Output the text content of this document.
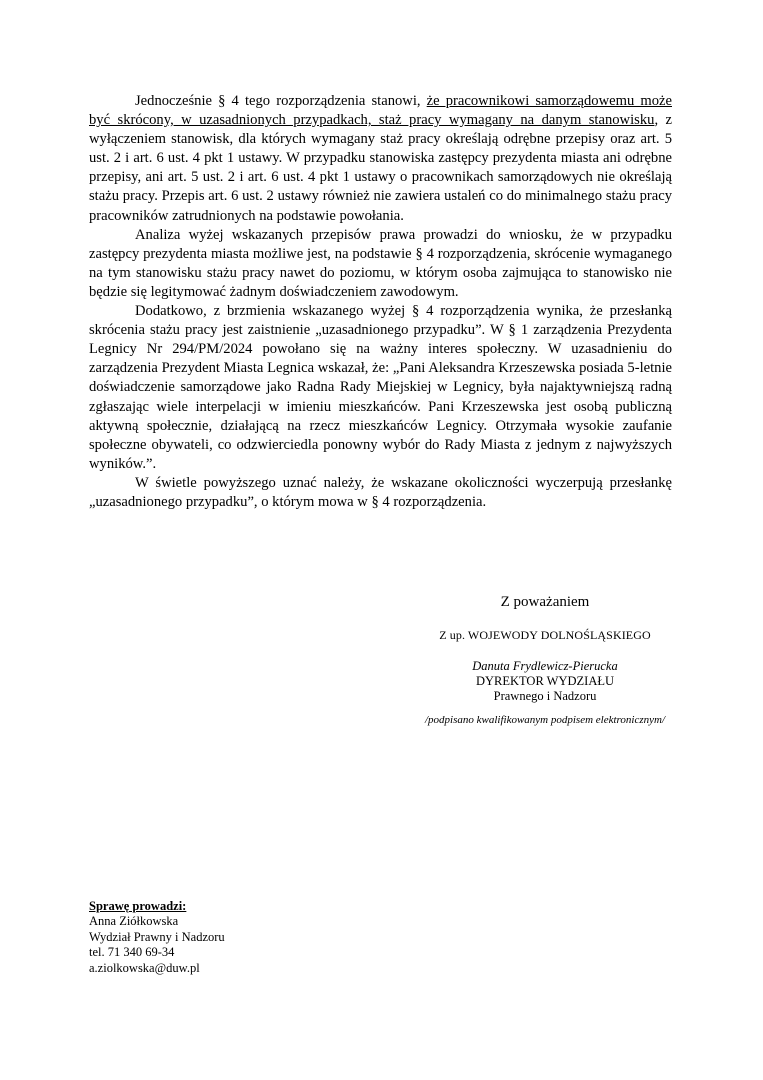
Jednocześnie § 4 tego rozporządzenia stanowi, że pracownikowi samorządowemu może być skrócony, w uzasadnionych przypadkach, staż pracy wymagany na danym stanowisku, z wyłączeniem stanowisk, dla których wymagany staż pracy określają odrębne przepisy oraz art. 5 ust. 2 i art. 6 ust. 4 pkt 1 ustawy. W przypadku stanowiska zastępcy prezydenta miasta ani odrębne przepisy, ani art. 5 ust. 2 i art. 6 ust. 4 pkt 1 ustawy o pracownikach samorządowych nie określają stażu pracy. Przepis art. 6 ust. 2 ustawy również nie zawiera ustaleń co do minimalnego stażu pracy pracowników zatrudnionych na podstawie powołania.

Analiza wyżej wskazanych przepisów prawa prowadzi do wniosku, że w przypadku zastępcy prezydenta miasta możliwe jest, na podstawie § 4 rozporządzenia, skrócenie wymaganego na tym stanowisku stażu pracy nawet do poziomu, w którym osoba zajmująca to stanowisko nie będzie się legitymować żadnym doświadczeniem zawodowym.

Dodatkowo, z brzmienia wskazanego wyżej § 4 rozporządzenia wynika, że przesłanką skrócenia stażu pracy jest zaistnienie „uzasadnionego przypadku”. W § 1 zarządzenia Prezydenta Legnicy Nr 294/PM/2024 powołano się na ważny interes społeczny. W uzasadnieniu do zarządzenia Prezydent Miasta Legnica wskazał, że: „Pani Aleksandra Krzeszewska posiada 5-letnie doświadczenie samorządowe jako Radna Rady Miejskiej w Legnicy, była najaktywniejszą radną zgłaszając wiele interpelacji w imieniu mieszkańców. Pani Krzeszewska jest osobą publiczną aktywną społecznie, działającą na rzecz mieszkańców Legnicy. Otrzymała wysokie zaufanie społeczne obywateli, co odzwierciedla ponowny wybór do Rady Miasta z jednym z najwyższych wyników.”.

W świetle powyższego uznać należy, że wskazane okoliczności wyczerpują przesłankę „uzasadnionego przypadku”, o którym mowa w § 4 rozporządzenia.

Z poważaniem
Z up. WOJEWODY DOLNOŚLĄSKIEGO
Danuta Frydlewicz-Pierucka
DYREKTOR WYDZIAŁU
Prawnego i Nadzoru
/podpisano kwalifikowanym podpisem elektronicznym/
Sprawę prowadzi:
Anna Ziółkowska
Wydział Prawny i Nadzoru
tel. 71 340 69-34
a.ziolkowska@duw.pl
